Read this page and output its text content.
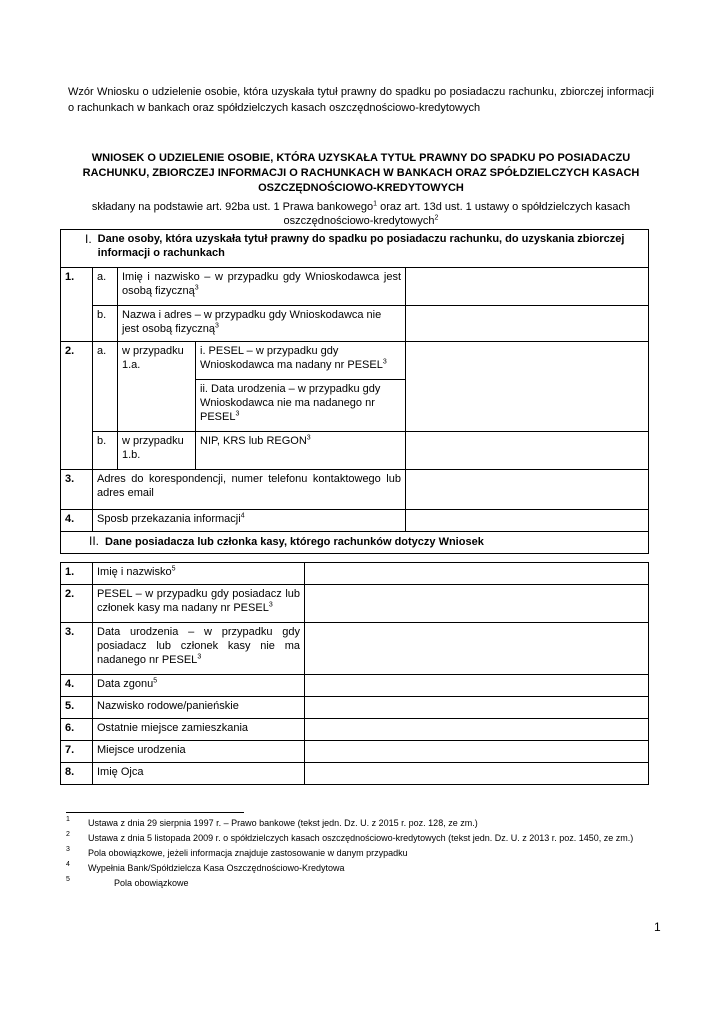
Wzór Wniosku o udzielenie osobie, która uzyskała tytuł prawny do spadku po posiadaczu rachunku, zbiorczej informacji o rachunkach w bankach oraz spółdzielczych kasach oszczędnościowo-kredytowych
WNIOSEK O UDZIELENIE OSOBIE, KTÓRA UZYSKAŁA TYTUŁ PRAWNY DO SPADKU PO POSIADACZU RACHUNKU, ZBIORCZEJ INFORMACJI O RACHUNKACH W BANKACH ORAZ SPÓŁDZIELCZYCH KASACH OSZCZĘDNOŚCIOWO-KREDYTOWYCH
składany na podstawie art. 92ba ust. 1 Prawa bankowego$^1$ oraz art. 13d ust. 1 ustawy o spółdzielczych kasach oszczędnościowo-kredytowych$^2$
I. Dane osoby, która uzyskała tytuł prawny do spadku po posiadaczu rachunku, do uzyskania zbiorczej informacji o rachunkach				

1.	a.	Imię i nazwisko – w przypadku gdy Wnioskodawca jest osobą fizyczną$^3$	
	b.	Nazwa i adres – w przypadku gdy Wnioskodawca nie jest osobą fizyczną$^3$	
2.	a.	w przypadku 1.a.	i. PESEL – w przypadku gdy Wnioskodawca ma nadany nr PESEL$^3$	
			ii. Data urodzenia – w przypadku gdy Wnioskodawca nie ma nadanego nr PESEL$^3$
	b.	w przypadku 1.b.	NIP, KRS lub REGON$^3$	
3.	Adres do korespondencji, numer telefonu kontaktowego lub adres email			
4.	Sposb przekazania informacji$^4$	
II. Dane posiadacza lub członka kasy, którego rachunków dotyczy Wniosek				
1.	Imię i nazwisko$^5$	
2.	PESEL – w przypadku gdy posiadacz lub członek kasy ma nadany nr PESEL$^3$	
3.	Data urodzenia – w przypadku gdy posiadacz lub członek kasy nie ma nadanego nr PESEL$^3$	
4.	Data zgonu$^5$	
5.	Nazwisko rodowe/panieńskie	
6.	Ostatnie miejsce zamieszkania	
7.	Miejsce urodzenia	
8.	Imię Ojca	
1 Ustawa z dnia 29 sierpnia 1997 r. – Prawo bankowe (tekst jedn. Dz. U. z 2015 r. poz. 128, ze zm.)
2 Ustawa z dnia 5 listopada 2009 r. o spółdzielczych kasach oszczędnościowo-kredytowych (tekst jedn. Dz. U. z 2013 r. poz. 1450, ze zm.)
3 Pola obowiązkowe, jeżeli informacja znajduje zastosowanie w danym przypadku
4 Wypełnia Bank/Spółdzielcza Kasa Oszczędnościowo-Kredytowa
5	Pola obowiązkowe
1
